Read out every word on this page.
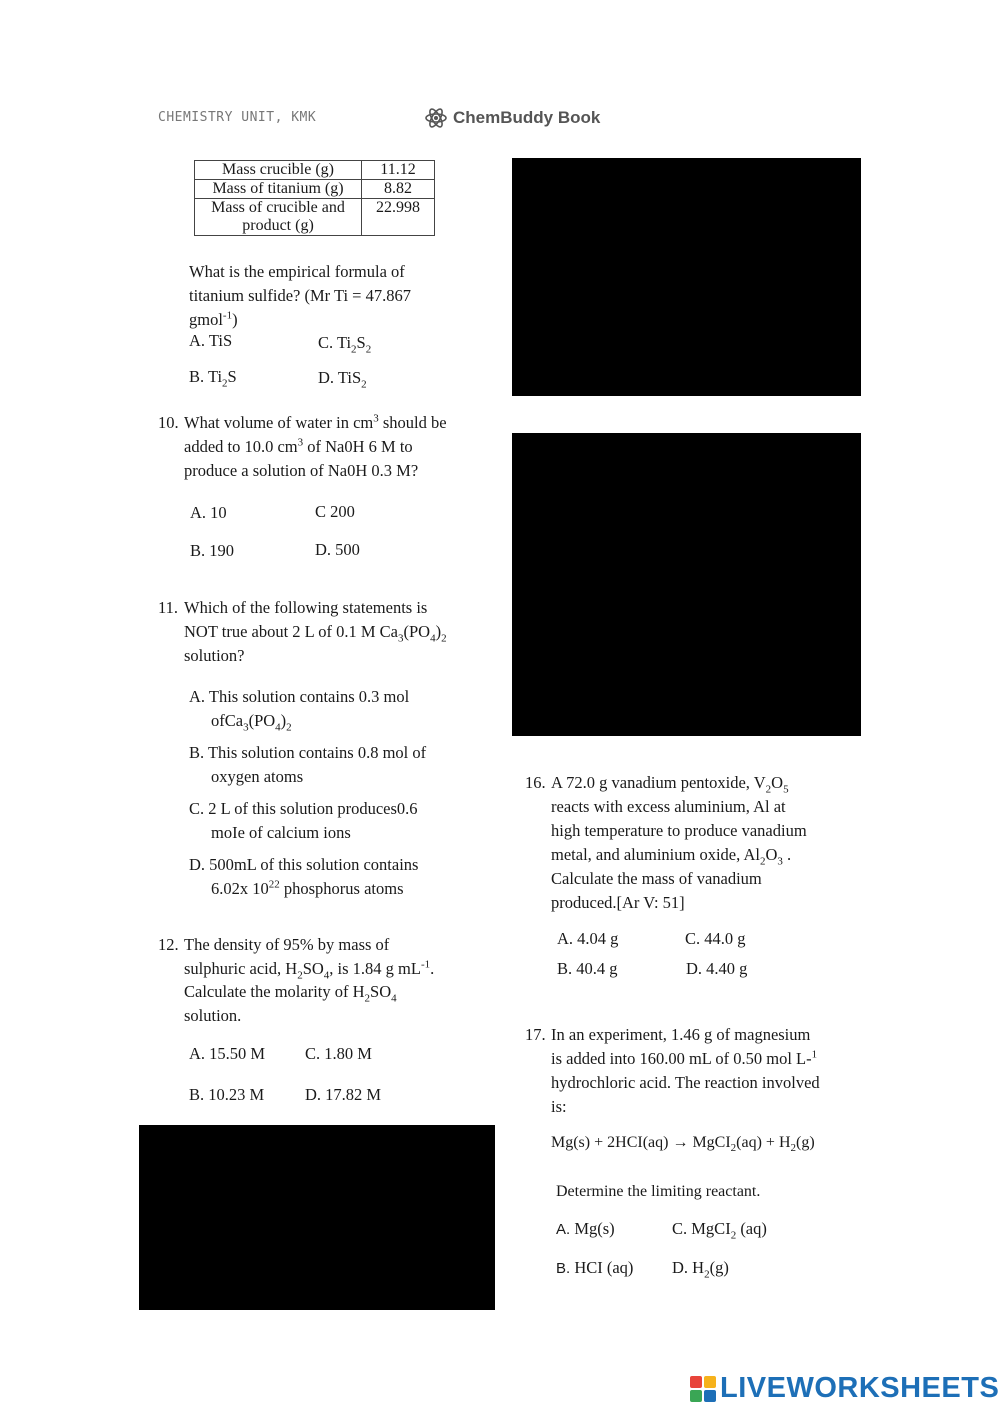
CHEMISTRY UNIT, KMK	ChemBuddy Book
Mass crucible (g)	11.12
Mass of titanium (g)	8.82
Mass of crucible and product (g)	22.998
What is the empirical formula of
titanium sulfide? (Mr Ti = 47.867
gmol$^{-1}$)
A. TiS	C. $Ti_2S_2$
B. $Ti_2S$	D. TiS$_2$
10. What volume of water in $cm^3$ should be
added to 10.0 $cm^3$ of Na0H 6 M to
produce a solution of Na0H 0.3 M?
A. 10	C 200
B. 190	D. 500
11. Which of the following statements is
NOT true about 2 L of 0.1 M $Ca_3(PO_4)_2$
solution?
A. This solution contains 0.3 mol
$ofCa_3(PO_4)_2$
B. This solution contains 0.8 mol of
oxygen atoms
C. 2 L of this solution produces0.6
moIe of calcium ions
D. 500mL of this solution contains
6.02x $10^{22}$ phosphorus atoms
12. The density of 95% by mass of
sulphuric acid, $H_2SO_4$, is 1.84 g $mL^{-1}$.
Calculate the molarity of $H_2SO_4$
solution.
A. 15.50 M C. 1.80 M
B. 10.23 M D. 17.82 M
16. A 72.0 g vanadium pentoxide, $V_2O_5$
reacts with excess aluminium, Al at
high temperature to produce vanadium
metal, and aluminium oxide, $Al_2O_3$ .
Calculate the mass of vanadium
produced.[Ar V: 51]
A. 4.04 g	C. 44.0 g
B. 40.4 g	D. 4.40 g
17. In an experiment, 1.46 g of magnesium
is added into 160.00 mL of 0.50 mol L-$^1$
hydrochloric acid. The reaction involved
is:
Mg(s) + 2HCI(aq) → MgCI$_2$(aq) + $H_2(g)$
Determine the limiting reactant.
A. Mg(s)	C. MgCI$_2$ (aq)
B. HCI (aq) D. $H_2(g)$
LIVEWORKSHEETS
